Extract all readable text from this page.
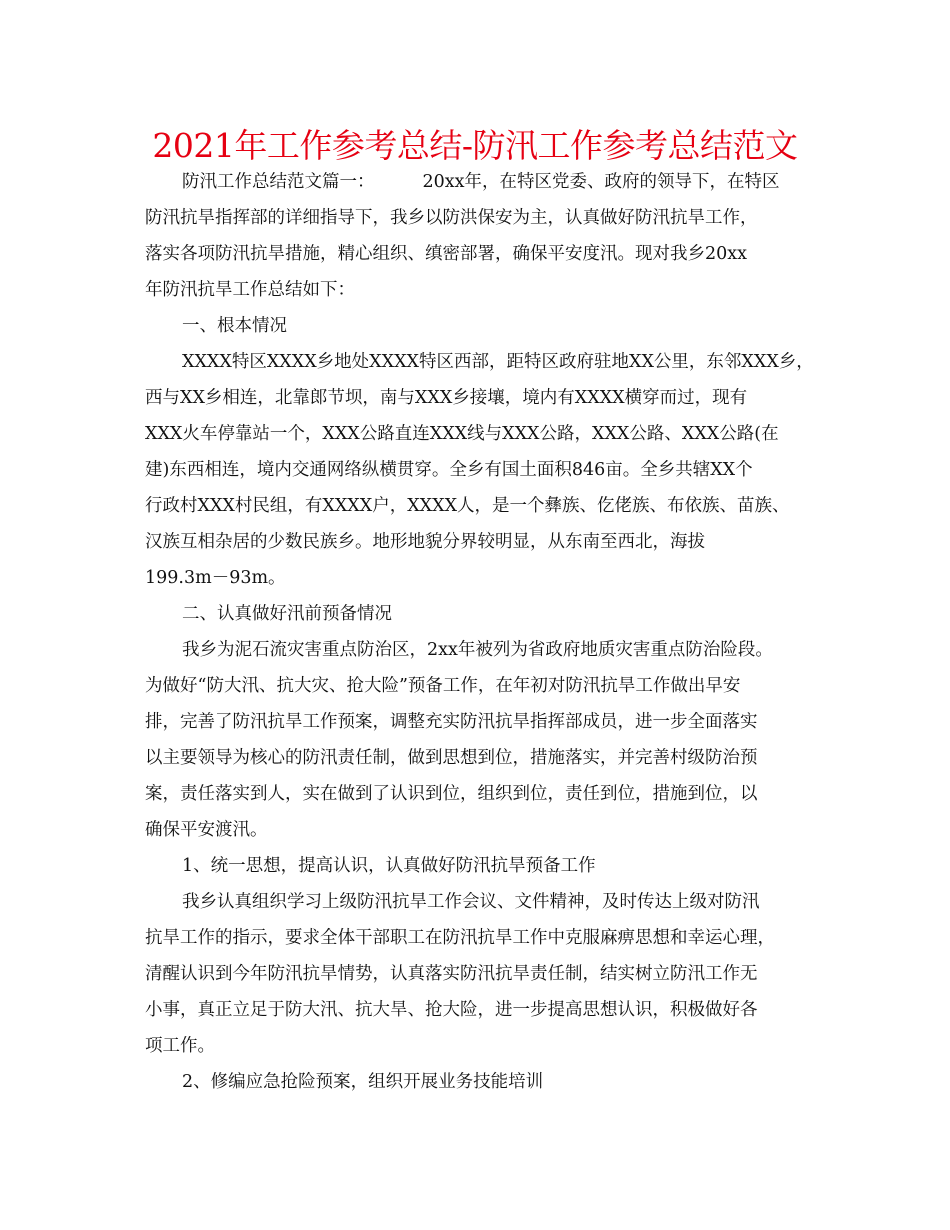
2021年工作参考总结-防汛工作参考总结范文
防汛工作总结范文篇一：	20xx年，在特区党委、政府的领导下，在特区
防汛抗旱指挥部的详细指导下，我乡以防洪保安为主，认真做好防汛抗旱工作，
落实各项防汛抗旱措施，精心组织、缜密部署，确保平安度汛。现对我乡20xx
年防汛抗旱工作总结如下：
一、根本情况
XXXX特区XXXX乡地处XXXX特区西部，距特区政府驻地XX公里，东邻XXX乡，
西与XX乡相连，北靠郎节坝，南与XXX乡接壤，境内有XXXX横穿而过，现有
XXX火车停靠站一个，XXX公路直连XXX线与XXX公路，XXX公路、XXX公路(在
建)东西相连，境内交通网络纵横贯穿。全乡有国土面积846亩。全乡共辖XX个
行政村XXX村民组，有XXXX户，XXXX人，是一个彝族、仡佬族、布依族、苗族、
汉族互相杂居的少数民族乡。地形地貌分界较明显，从东南至西北，海拔
199.3m－93m。
二、认真做好汛前预备情况
我乡为泥石流灾害重点防治区，2xx年被列为省政府地质灾害重点防治险段。
为做好“防大汛、抗大灾、抢大险”预备工作，在年初对防汛抗旱工作做出早安
排，完善了防汛抗旱工作预案，调整充实防汛抗旱指挥部成员，进一步全面落实
以主要领导为核心的防汛责任制，做到思想到位，措施落实，并完善村级防治预
案，责任落实到人，实在做到了认识到位，组织到位，责任到位，措施到位，以
确保平安渡汛。
1、统一思想，提高认识，认真做好防汛抗旱预备工作
我乡认真组织学习上级防汛抗旱工作会议、文件精神，及时传达上级对防汛
抗旱工作的指示，要求全体干部职工在防汛抗旱工作中克服麻痹思想和幸运心理，
清醒认识到今年防汛抗旱情势，认真落实防汛抗旱责任制，结实树立防汛工作无
小事，真正立足于防大汛、抗大旱、抢大险，进一步提高思想认识，积极做好各
项工作。
2、修编应急抢险预案，组织开展业务技能培训
